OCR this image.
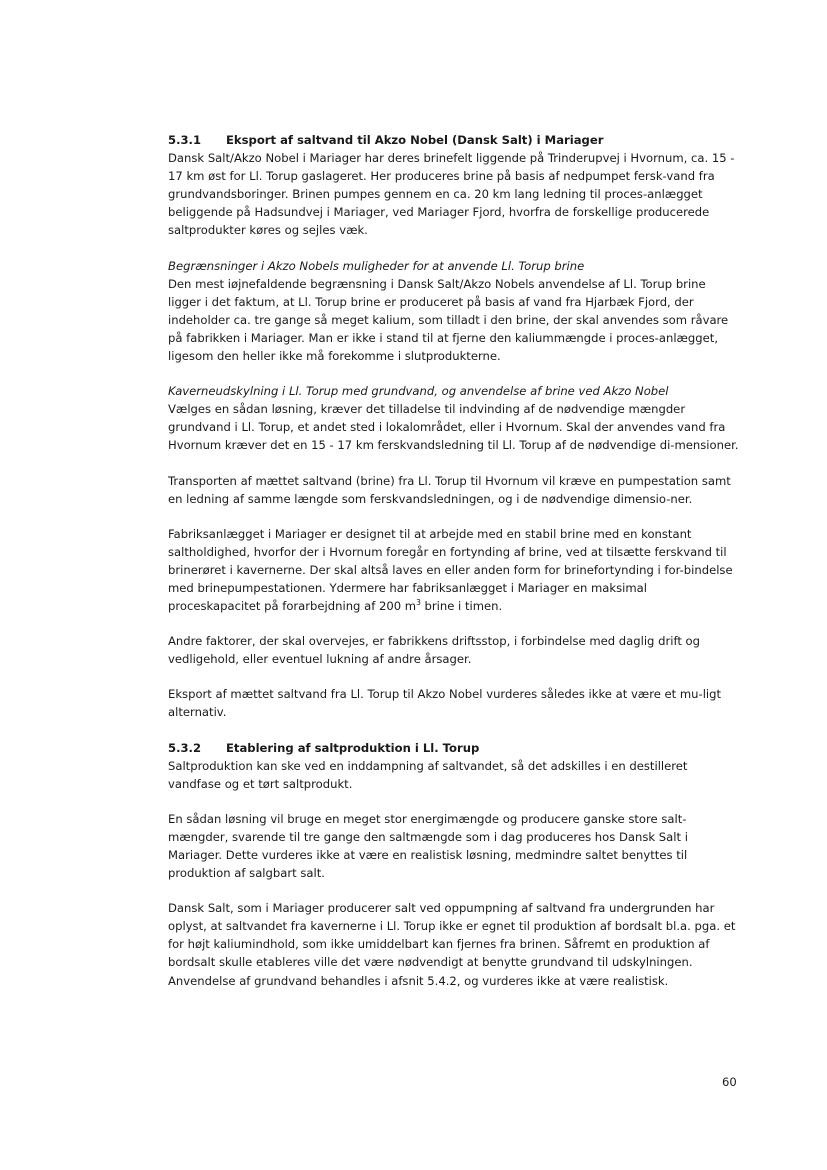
5.3.1 Eksport af saltvand til Akzo Nobel (Dansk Salt) i Mariager

Dansk Salt/Akzo Nobel i Mariager har deres brinefelt liggende på Trinderupvej i Hvornum, ca. 15 - 17 km øst for Ll. Torup gaslageret. Her produceres brine på basis af nedpumpet fersk-vand fra grundvandsboringer. Brinen pumpes gennem en ca. 20 km lang ledning til proces-anlægget beliggende på Hadsundvej i Mariager, ved Mariager Fjord, hvorfra de forskellige producerede saltprodukter køres og sejles væk.

Begrænsninger i Akzo Nobels muligheder for at anvende Ll. Torup brine
Den mest iøjnefaldende begrænsning i Dansk Salt/Akzo Nobels anvendelse af Ll. Torup brine ligger i det faktum, at Ll. Torup brine er produceret på basis af vand fra Hjarbæk Fjord, der indeholder ca. tre gange så meget kalium, som tilladt i den brine, der skal anvendes som råvare på fabrikken i Mariager. Man er ikke i stand til at fjerne den kaliummængde i proces-anlægget, ligesom den heller ikke må forekomme i slutprodukterne.

Kaverneudskylning i Ll. Torup med grundvand, og anvendelse af brine ved Akzo Nobel
Vælges en sådan løsning, kræver det tilladelse til indvinding af de nødvendige mængder grundvand i Ll. Torup, et andet sted i lokalområdet, eller i Hvornum. Skal der anvendes vand fra Hvornum kræver det en 15 - 17 km ferskvandsledning til Ll. Torup af de nødvendige di-mensioner.

Transporten af mættet saltvand (brine) fra Ll. Torup til Hvornum vil kræve en pumpestation samt en ledning af samme længde som ferskvandsledningen, og i de nødvendige dimensio-ner.

Fabriksanlægget i Mariager er designet til at arbejde med en stabil brine med en konstant saltholdighed, hvorfor der i Hvornum foregår en fortynding af brine, ved at tilsætte ferskvand til brinerøret i kavernerne. Der skal altså laves en eller anden form for brinefortynding i for-bindelse med brinepumpestationen. Ydermere har fabriksanlægget i Mariager en maksimal proceskapacitet på forarbejdning af 200 $m^3$ brine i timen.

Andre faktorer, der skal overvejes, er fabrikkens driftsstop, i forbindelse med daglig drift og vedligehold, eller eventuel lukning af andre årsager.

Eksport af mættet saltvand fra Ll. Torup til Akzo Nobel vurderes således ikke at være et mu-ligt alternativ.

5.3.2 Etablering af saltproduktion i Ll. Torup

Saltproduktion kan ske ved en inddampning af saltvandet, så det adskilles i en destilleret vandfase og et tørt saltprodukt.

En sådan løsning vil bruge en meget stor energimængde og producere ganske store salt-mængder, svarende til tre gange den saltmængde som i dag produceres hos Dansk Salt i Mariager. Dette vurderes ikke at være en realistisk løsning, medmindre saltet benyttes til produktion af salgbart salt.

Dansk Salt, som i Mariager producerer salt ved oppumpning af saltvand fra undergrunden har oplyst, at saltvandet fra kavernerne i Ll. Torup ikke er egnet til produktion af bordsalt bl.a. pga. et for højt kaliumindhold, som ikke umiddelbart kan fjernes fra brinen. Såfremt en produktion af bordsalt skulle etableres ville det være nødvendigt at benytte grundvand til udskylningen. Anvendelse af grundvand behandles i afsnit 5.4.2, og vurderes ikke at være realistisk.

60
